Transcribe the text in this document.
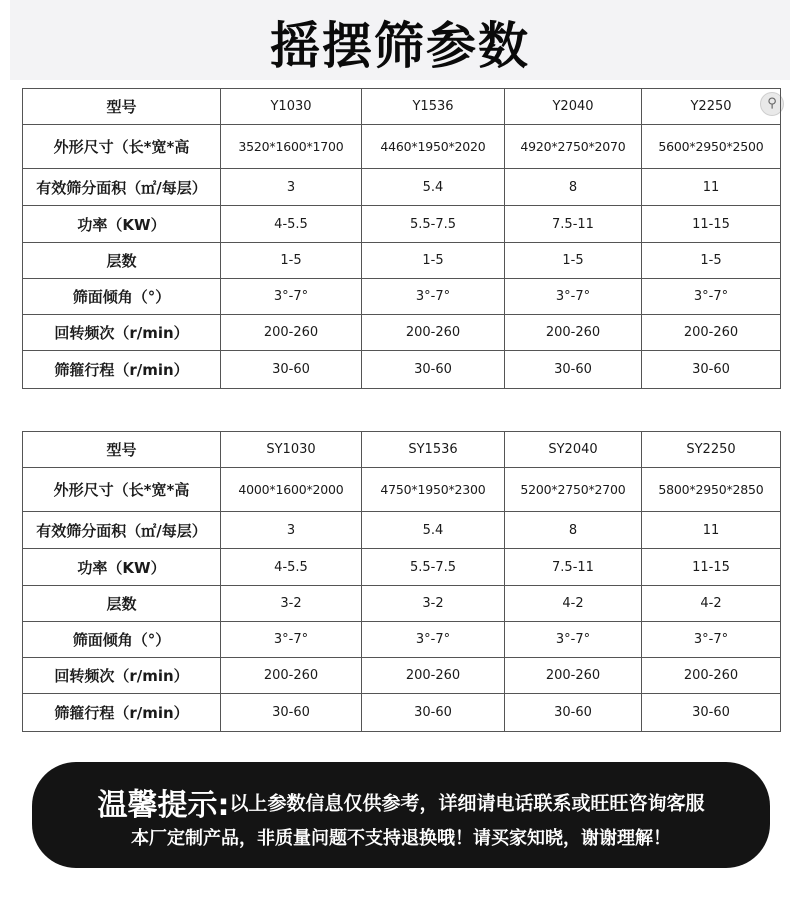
摇摆筛参数
⚲
型号	Y1030	Y1536	Y2040	Y2250
外形尺寸（长*宽*高	3520*1600*1700	4460*1950*2020	4920*2750*2070	5600*2950*2500
有效筛分面积（㎡/每层）	3	5.4	8	11
功率（KW）	4-5.5	5.5-7.5	7.5-11	11-15
层数	1-5	1-5	1-5	1-5
筛面倾角（°）	3°-7°	3°-7°	3°-7°	3°-7°
回转频次（r/min）	200-260	200-260	200-260	200-260
筛箍行程（r/min）	30-60	30-60	30-60	30-60
型号	SY1030	SY1536	SY2040	SY2250
外形尺寸（长*宽*高	4000*1600*2000	4750*1950*2300	5200*2750*2700	5800*2950*2850
有效筛分面积（㎡/每层）	3	5.4	8	11
功率（KW）	4-5.5	5.5-7.5	7.5-11	11-15
层数	3-2	3-2	4-2	4-2
筛面倾角（°）	3°-7°	3°-7°	3°-7°	3°-7°
回转频次（r/min）	200-260	200-260	200-260	200-260
筛箍行程（r/min）	30-60	30-60	30-60	30-60
温馨提示:以上参数信息仅供参考，详细请电话联系或旺旺咨询客服
本厂定制产品，非质量问题不支持退换哦！请买家知晓，谢谢理解！
